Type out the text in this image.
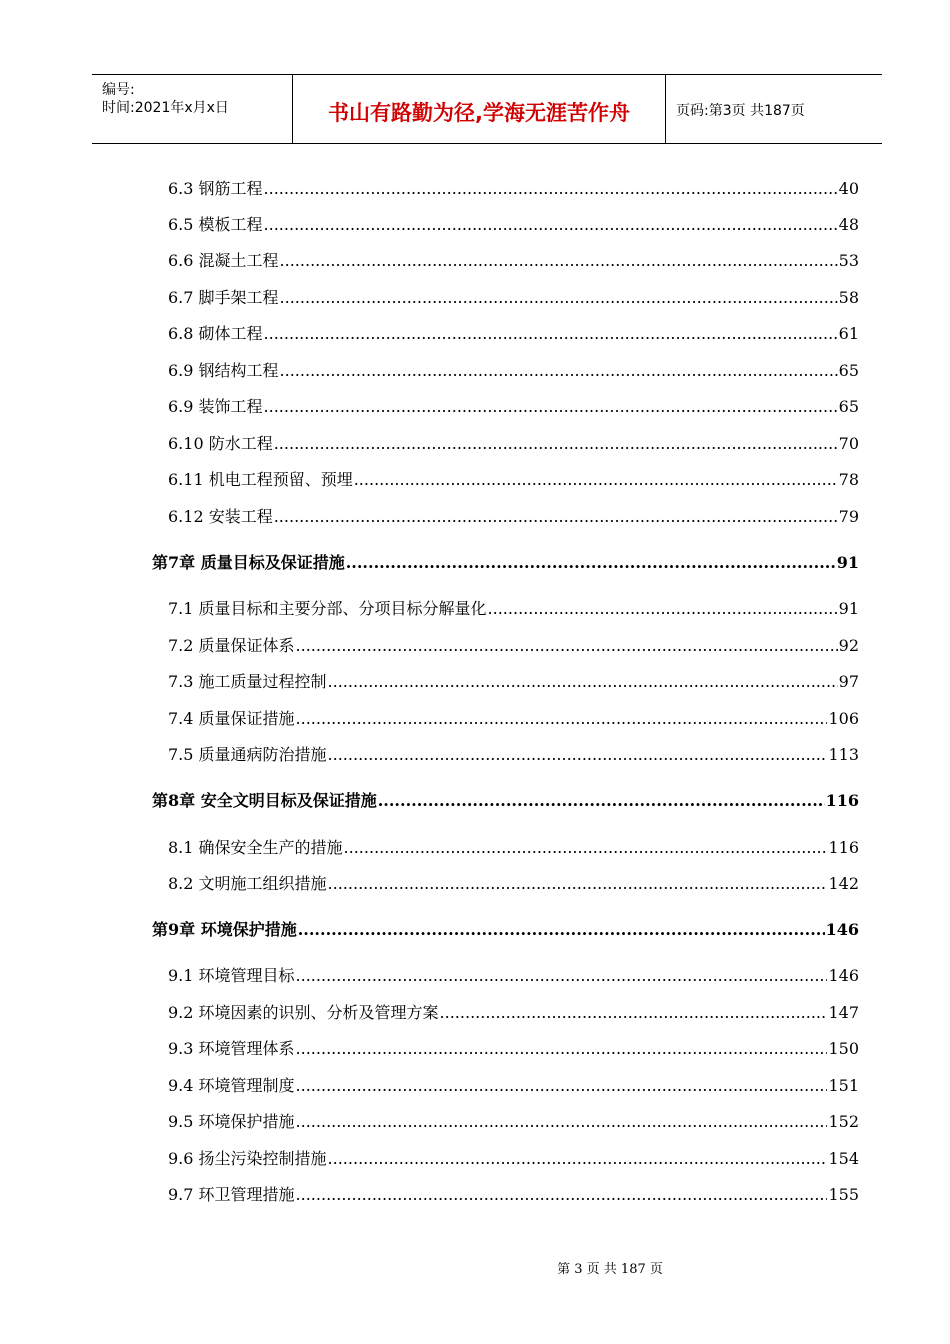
编号:
时间:2021年x月x日	书山有路勤为径,学海无涯苦作舟	页码:第3页 共187页
6.3 钢筋工程 .....	40
6.5 模板工程 .....	48
6.6 混凝土工程 .....	53
6.7 脚手架工程 .....	58
6.8 砌体工程 .....	61
6.9 钢结构工程 .....	65
6.9 装饰工程 .....	65
6.10 防水工程 .....	70
6.11 机电工程预留、预埋 .....	78
6.12 安装工程 .....	79
第7章 质量目标及保证措施 .....	91
7.1 质量目标和主要分部、分项目标分解量化 .....	91
7.2 质量保证体系 .....	92
7.3 施工质量过程控制 .....	97
7.4 质量保证措施 .....	106
7.5 质量通病防治措施 .....	113
第8章 安全文明目标及保证措施 .....	116
8.1 确保安全生产的措施 .....	116
8.2 文明施工组织措施 .....	142
第9章 环境保护措施 .....	146
9.1 环境管理目标 .....	146
9.2 环境因素的识别、分析及管理方案 .....	147
9.3 环境管理体系 .....	150
9.4 环境管理制度 .....	151
9.5 环境保护措施 .....	152
9.6 扬尘污染控制措施 .....	154
9.7 环卫管理措施 .....	155
第 3 页 共 187 页
